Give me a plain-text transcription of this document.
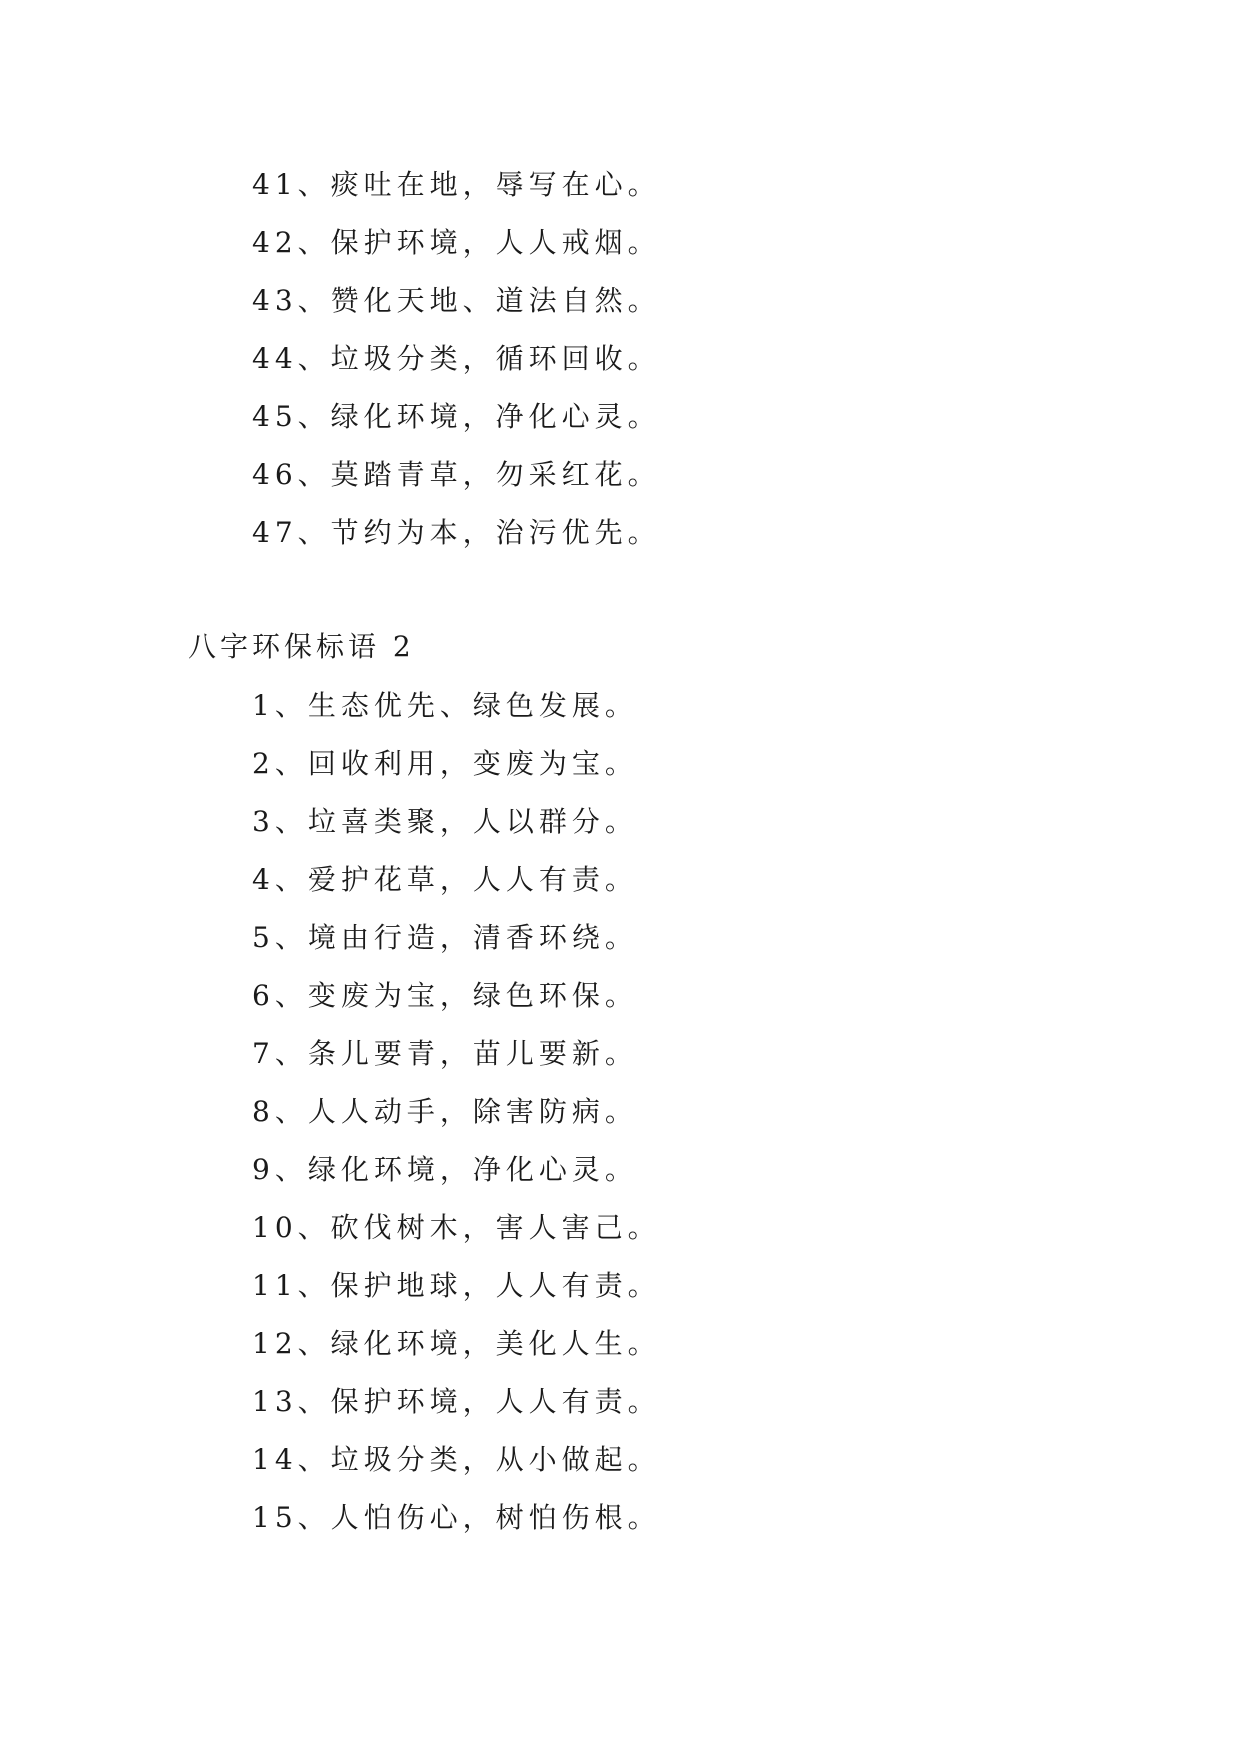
41、痰吐在地，辱写在心。
42、保护环境，人人戒烟。
43、赞化天地、道法自然。
44、垃圾分类，循环回收。
45、绿化环境，净化心灵。
46、莫踏青草，勿采红花。
47、节约为本，治污优先。
八字环保标语 2
1、生态优先、绿色发展。
2、回收利用，变废为宝。
3、垃喜类聚，人以群分。
4、爱护花草，人人有责。
5、境由行造，清香环绕。
6、变废为宝，绿色环保。
7、条儿要青，苗儿要新。
8、人人动手，除害防病。
9、绿化环境，净化心灵。
10、砍伐树木，害人害己。
11、保护地球，人人有责。
12、绿化环境，美化人生。
13、保护环境，人人有责。
14、垃圾分类，从小做起。
15、人怕伤心，树怕伤根。
